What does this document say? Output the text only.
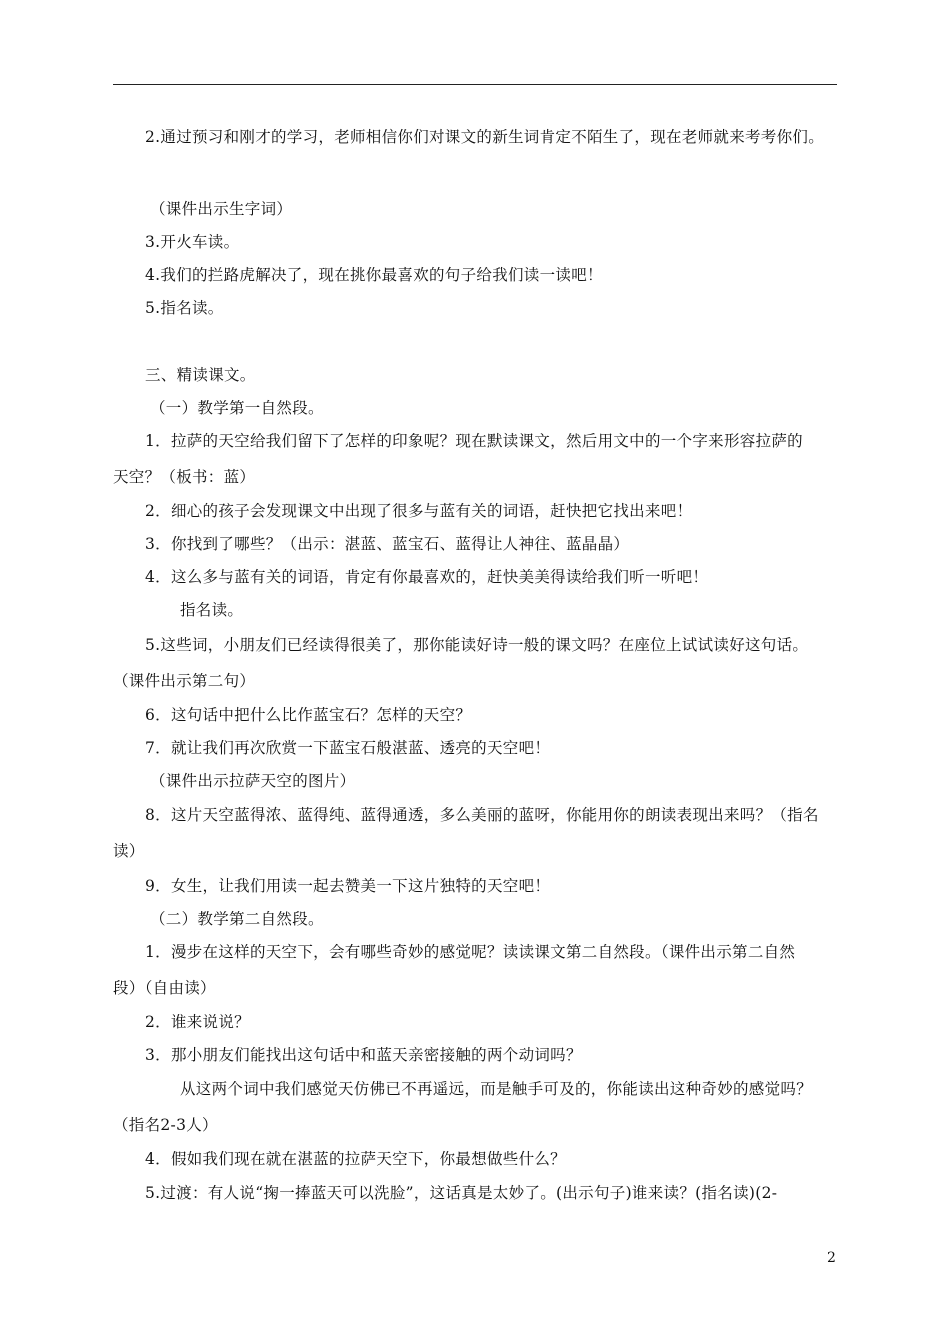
2.通过预习和刚才的学习，老师相信你们对课文的新生词肯定不陌生了，现在老师就来考考你们。
（课件出示生字词）
3.开火车读。
4.我们的拦路虎解决了，现在挑你最喜欢的句子给我们读一读吧！
5.指名读。
三、精读课文。
（一）教学第一自然段。
1．拉萨的天空给我们留下了怎样的印象呢？现在默读课文，然后用文中的一个字来形容拉萨的
天空？（板书：蓝）
2．细心的孩子会发现课文中出现了很多与蓝有关的词语，赶快把它找出来吧！
3．你找到了哪些？（出示：湛蓝、蓝宝石、蓝得让人神往、蓝晶晶）
4．这么多与蓝有关的词语，肯定有你最喜欢的，赶快美美得读给我们听一听吧！
指名读。
5.这些词，小朋友们已经读得很美了，那你能读好诗一般的课文吗？在座位上试试读好这句话。
（课件出示第二句）
6．这句话中把什么比作蓝宝石？怎样的天空？
7．就让我们再次欣赏一下蓝宝石般湛蓝、透亮的天空吧！
（课件出示拉萨天空的图片）
8．这片天空蓝得浓、蓝得纯、蓝得通透，多么美丽的蓝呀，你能用你的朗读表现出来吗？（指名
读）
9．女生，让我们用读一起去赞美一下这片独特的天空吧！
（二）教学第二自然段。
1．漫步在这样的天空下，会有哪些奇妙的感觉呢？读读课文第二自然段。（课件出示第二自然
段）（自由读）
2．谁来说说？
3．那小朋友们能找出这句话中和蓝天亲密接触的两个动词吗？
从这两个词中我们感觉天仿佛已不再遥远，而是触手可及的，你能读出这种奇妙的感觉吗？
（指名2-3人）
4．假如我们现在就在湛蓝的拉萨天空下，你最想做些什么？
5.过渡：有人说“掬一捧蓝天可以洗脸”，这话真是太妙了。(出示句子)谁来读？(指名读)(2-
2
